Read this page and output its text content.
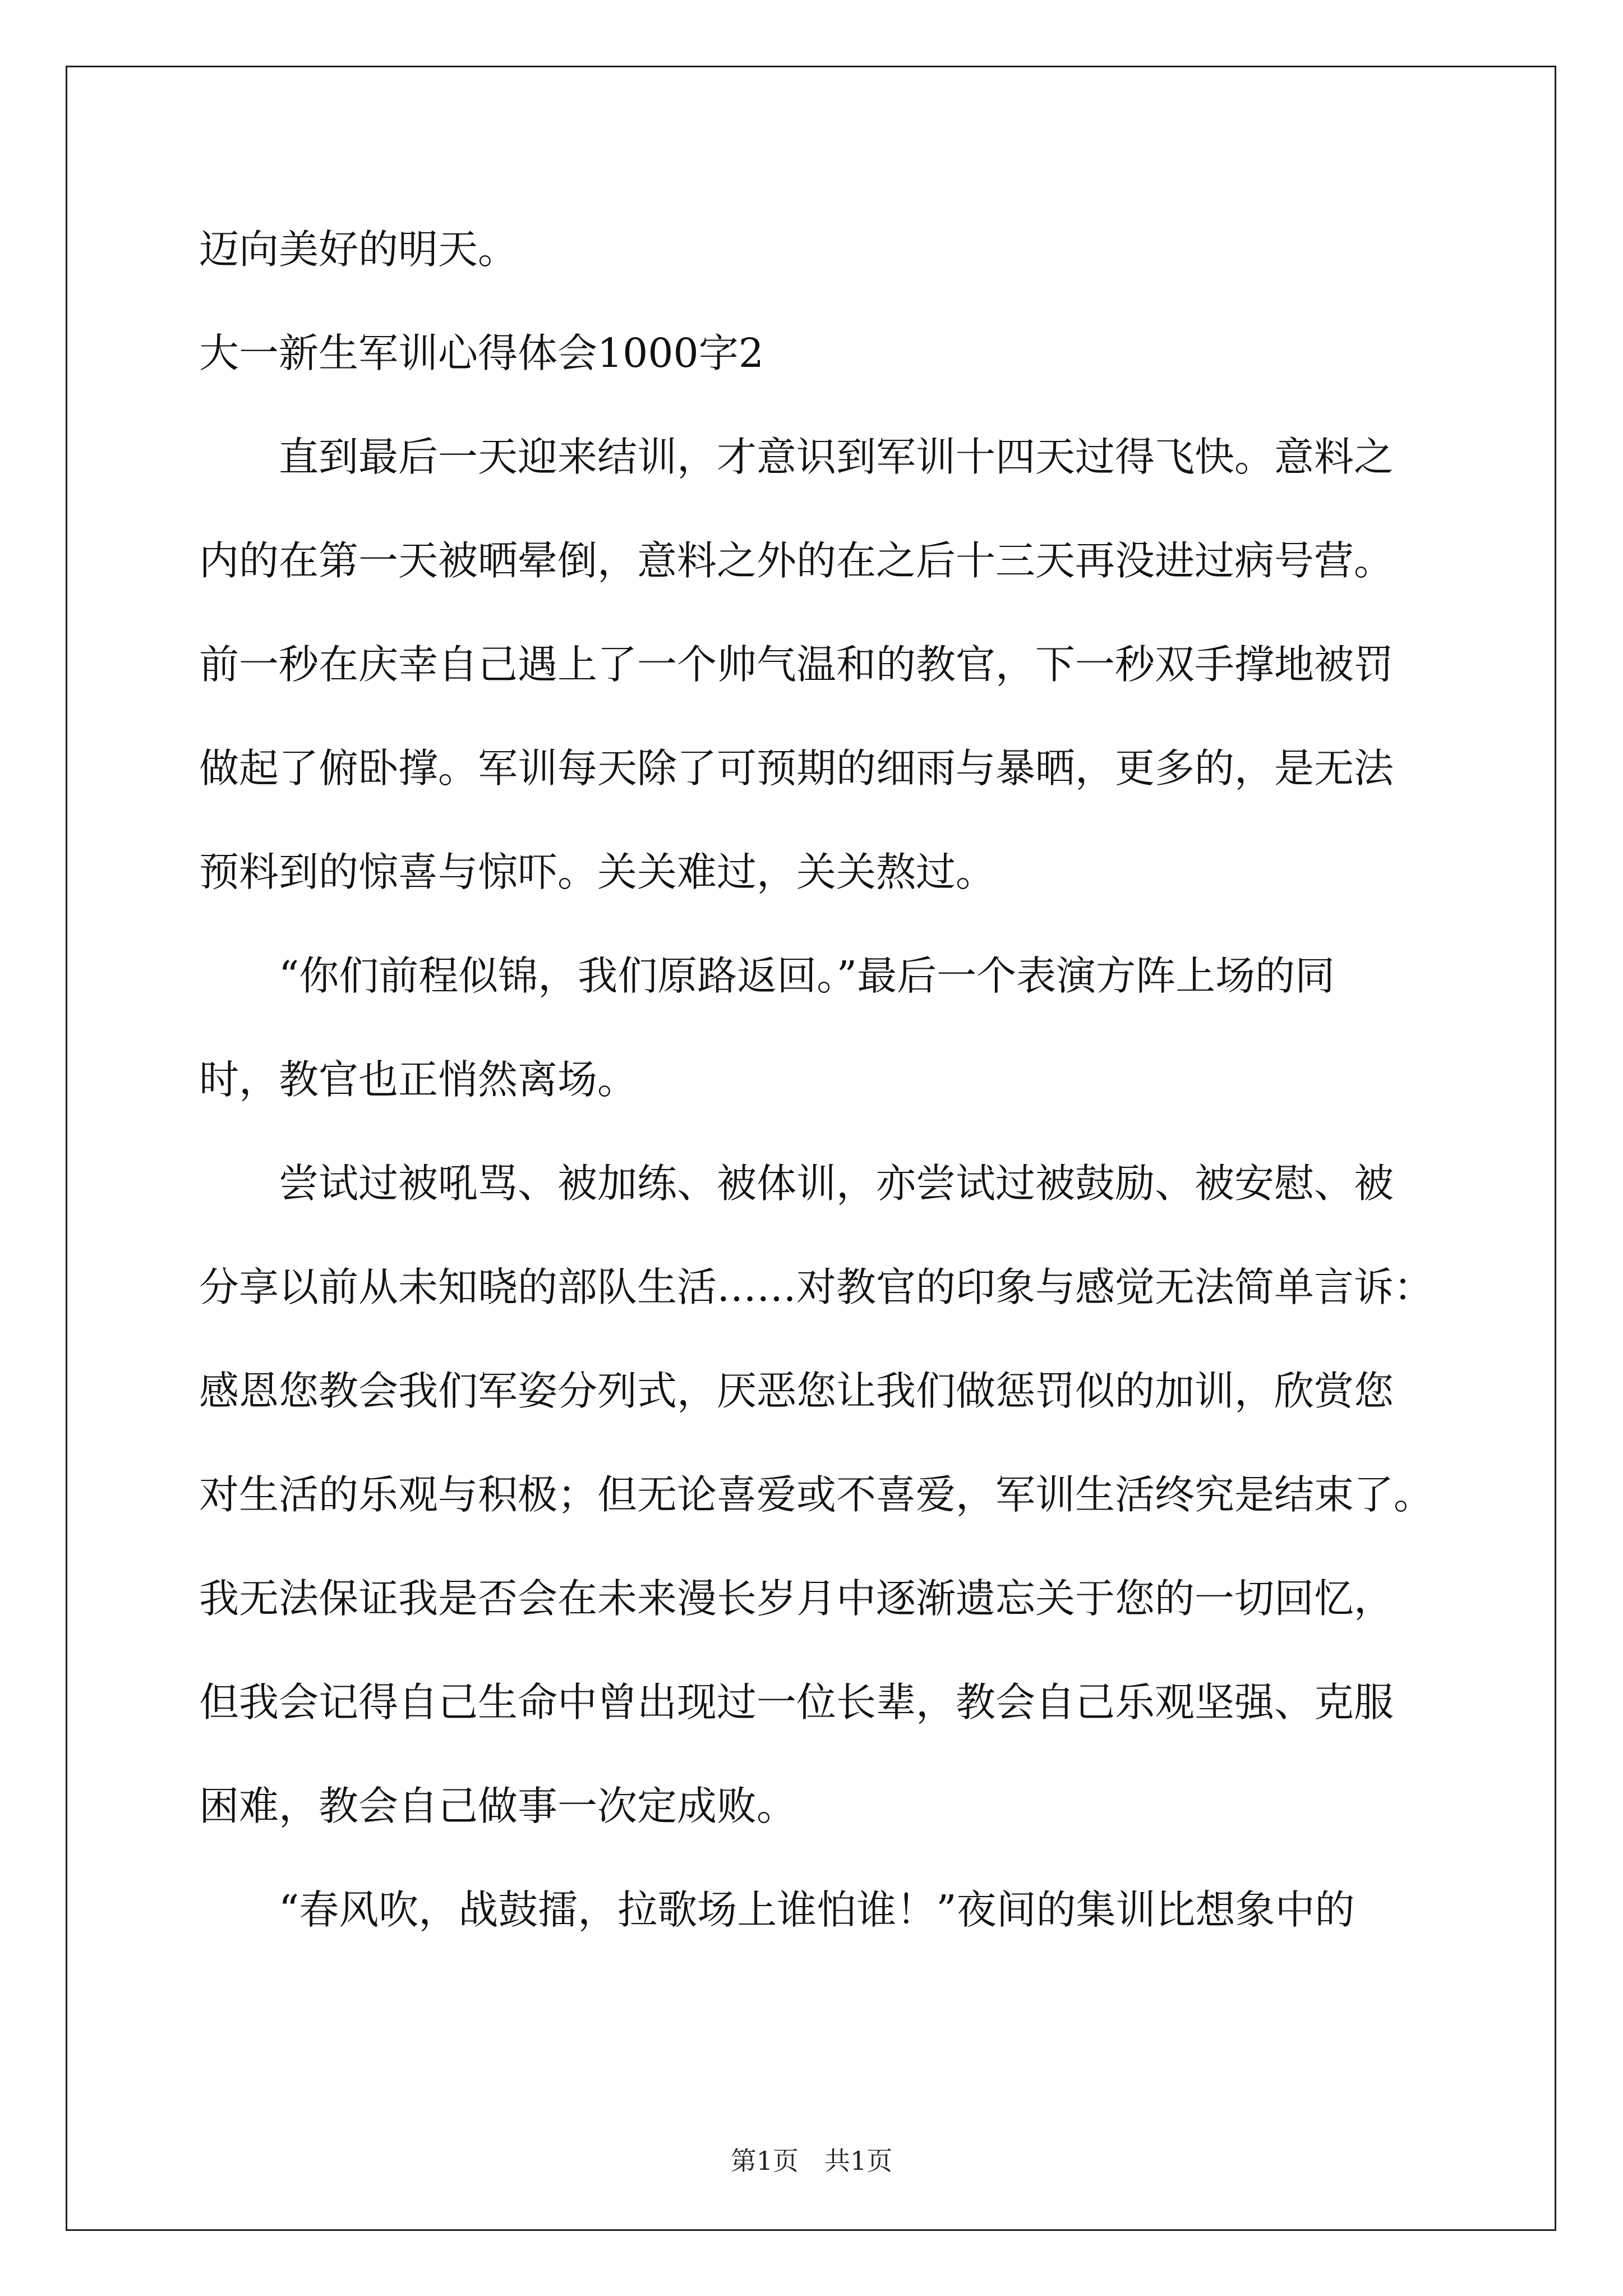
迈向美好的明天。
大一新生军训心得体会1000字2
　　直到最后一天迎来结训，才意识到军训十四天过得飞快。意料之
内的在第一天被晒晕倒，意料之外的在之后十三天再没进过病号营。
前一秒在庆幸自己遇上了一个帅气温和的教官，下一秒双手撑地被罚
做起了俯卧撑。军训每天除了可预期的细雨与暴晒，更多的，是无法
预料到的惊喜与惊吓。关关难过，关关熬过。
　　“你们前程似锦，我们原路返回。”最后一个表演方阵上场的同
时，教官也正悄然离场。
　　尝试过被吼骂、被加练、被体训，亦尝试过被鼓励、被安慰、被
分享以前从未知晓的部队生活……对教官的印象与感觉无法简单言诉：
感恩您教会我们军姿分列式，厌恶您让我们做惩罚似的加训，欣赏您
对生活的乐观与积极；但无论喜爱或不喜爱，军训生活终究是结束了。
我无法保证我是否会在未来漫长岁月中逐渐遗忘关于您的一切回忆，
但我会记得自己生命中曾出现过一位长辈，教会自己乐观坚强、克服
困难，教会自己做事一次定成败。
　　“春风吹，战鼓擂，拉歌场上谁怕谁！”夜间的集训比想象中的
第1页　共1页
